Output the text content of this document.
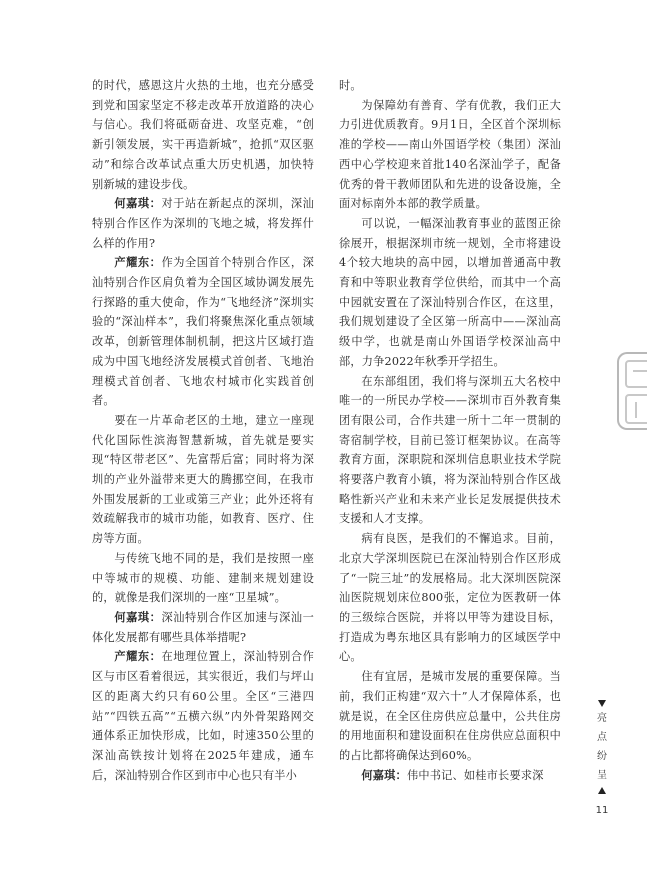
的时代，感恩这片火热的土地，也充分感受到党和国家坚定不移走改革开放道路的决心与信心。我们将砥砺奋进、攻坚克难，“创新引领发展，实干再造新城”，抢抓“双区驱动”和综合改革试点重大历史机遇，加快特别新城的建设步伐。

何嘉琪：对于站在新起点的深圳，深汕特别合作区作为深圳的飞地之城，将发挥什么样的作用?

产耀东：作为全国首个特别合作区，深汕特别合作区肩负着为全国区域协调发展先行探路的重大使命，作为“飞地经济”深圳实验的“深汕样本”，我们将聚焦深化重点领域改革，创新管理体制机制，把这片区域打造成为中国飞地经济发展模式首创者、飞地治理模式首创者、飞地农村城市化实践首创者。

要在一片革命老区的土地，建立一座现代化国际性滨海智慧新城，首先就是要实现“特区带老区”、先富帮后富；同时将为深圳的产业外溢带来更大的腾挪空间，在我市外围发展新的工业或第三产业；此外还将有效疏解我市的城市功能，如教育、医疗、住房等方面。

与传统飞地不同的是，我们是按照一座中等城市的规模、功能、建制来规划建设的，就像是我们深圳的一座“卫星城”。

何嘉琪：深汕特别合作区加速与深汕一体化发展都有哪些具体举措呢?

产耀东：在地理位置上，深汕特别合作区与市区看着很远，其实很近，我们与坪山区的距离大约只有60公里。全区“三港四站”“四铁五高”“五横六纵”内外骨架路网交通体系正加快形成，比如，时速350公里的深汕高铁按计划将在2025年建成，通车后，深汕特别合作区到市中心也只有半小

时。

为保障幼有善育、学有优教，我们正大力引进优质教育。9月1日，全区首个深圳标准的学校——南山外国语学校（集团）深汕西中心学校迎来首批140名深汕学子，配备优秀的骨干教师团队和先进的设备设施，全面对标南外本部的教学质量。

可以说，一幅深汕教育事业的蓝图正徐徐展开，根据深圳市统一规划，全市将建设4个较大地块的高中园，以增加普通高中教育和中等职业教育学位供给，而其中一个高中园就安置在了深汕特别合作区，在这里，我们规划建设了全区第一所高中——深汕高级中学，也就是南山外国语学校深汕高中部，力争2022年秋季开学招生。

在东部组团，我们将与深圳五大名校中唯一的一所民办学校——深圳市百外教育集团有限公司，合作共建一所十二年一贯制的寄宿制学校，目前已签订框架协议。在高等教育方面，深职院和深圳信息职业技术学院将要落户教育小镇，将为深汕特别合作区战略性新兴产业和未来产业长足发展提供技术支援和人才支撑。

病有良医，是我们的不懈追求。目前，北京大学深圳医院已在深汕特别合作区形成了“一院三址”的发展格局。北大深圳医院深汕医院规划床位800张，定位为医教研一体的三级综合医院，并将以甲等为建设目标，打造成为粤东地区具有影响力的区域医学中心。

住有宜居，是城市发展的重要保障。当前，我们正构建“双六十”人才保障体系，也就是说，在全区住房供应总量中，公共住房的用地面积和建设面积在住房供应总面积中的占比都将确保达到60%。

何嘉琪：伟中书记、如桂市长要求深

亮
点
纷
呈
11
